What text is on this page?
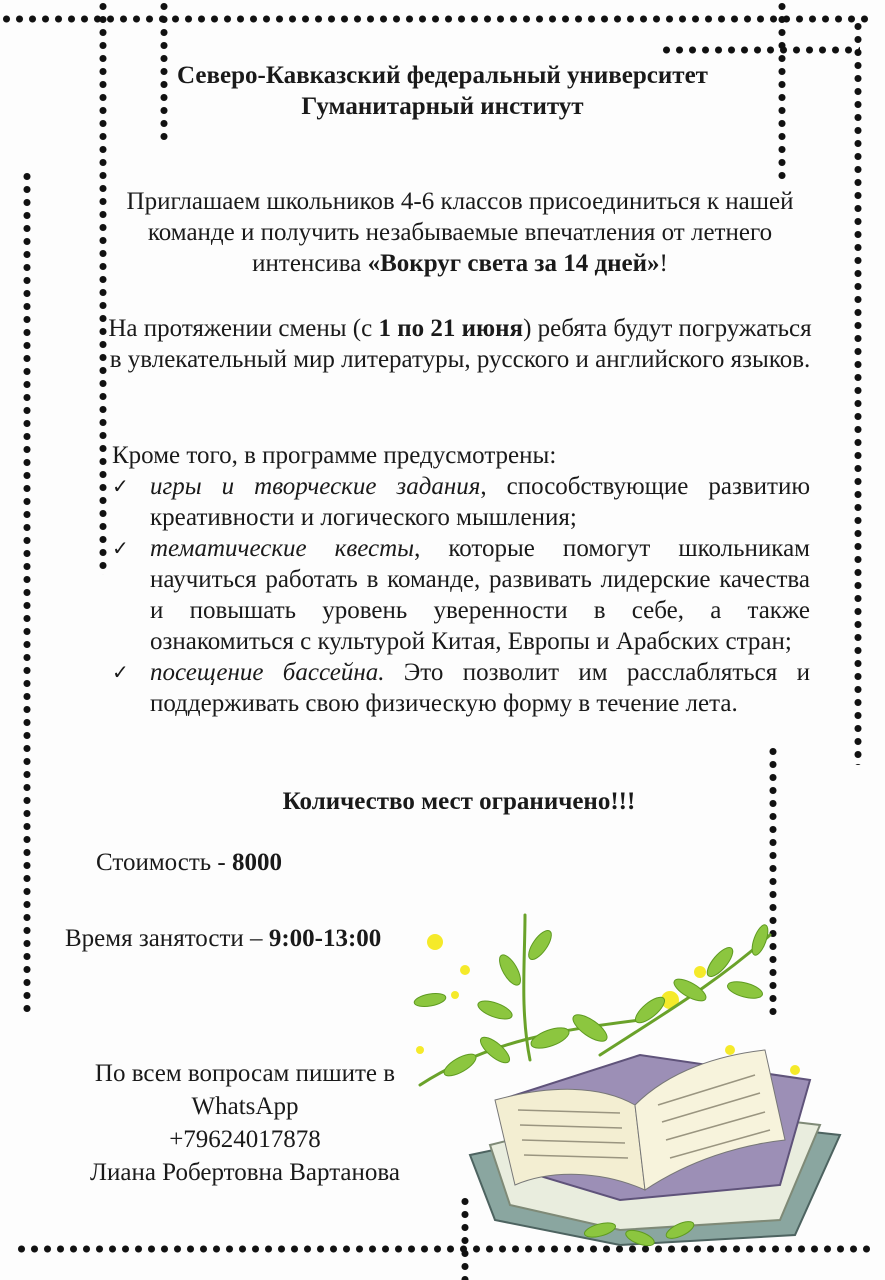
Северо-Кавказский федеральный университет
Гуманитарный институт
Приглашаем школьников 4-6 классов присоединиться к нашей команде и получить незабываемые впечатления от летнего интенсива «Вокруг света за 14 дней»!
На протяжении смены (с 1 по 21 июня) ребята будут погружаться в увлекательный мир литературы, русского и английского языков.
Кроме того, в программе предусмотрены:
✓ игры и творческие задания, способствующие развитию креативности и логического мышления;
✓ тематические квесты, которые помогут школьникам научиться работать в команде, развивать лидерские качества и повышать уровень уверенности в себе, а также ознакомиться с культурой Китая, Европы и Арабских стран;
✓ посещение бассейна. Это позволит им расслабляться и поддерживать свою физическую форму в течение лета.
Количество мест ограничено!!!
Стоимость - 8000
Время занятости – 9:00-13:00
По всем вопросам пишите в
WhatsApp
+79624017878
Лиана Робертовна Вартанова
